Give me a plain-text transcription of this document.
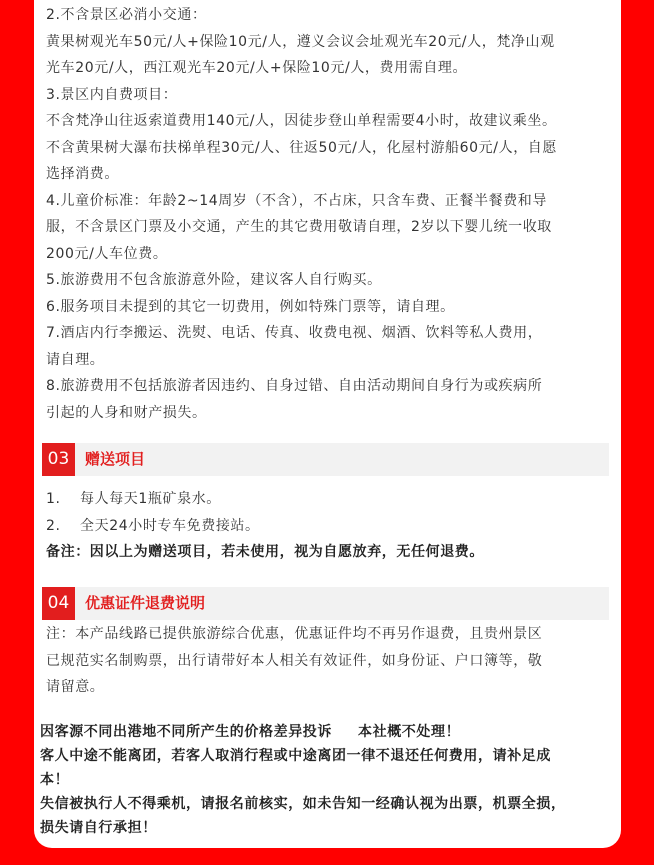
2.不含景区必消小交通：

黄果树观光车50元/人+保险10元/人，遵义会议会址观光车20元/人，梵净山观

光车20元/人，西江观光车20元/人+保险10元/人，费用需自理。

3.景区内自费项目：

不含梵净山往返索道费用140元/人，因徒步登山单程需要4小时，故建议乘坐。

不含黄果树大瀑布扶梯单程30元/人、往返50元/人，化屋村游船60元/人，自愿

选择消费。

4.儿童价标准：年龄2~14周岁（不含），不占床，只含车费、正餐半餐费和导

服，不含景区门票及小交通，产生的其它费用敬请自理，2岁以下婴儿统一收取

200元/人车位费。

5.旅游费用不包含旅游意外险，建议客人自行购买。

6.服务项目未提到的其它一切费用，例如特殊门票等，请自理。

7.酒店内行李搬运、洗熨、电话、传真、收费电视、烟酒、饮料等私人费用，

请自理。

8.旅游费用不包括旅游者因违约、自身过错、自由活动期间自身行为或疾病所

引起的人身和财产损失。

03	赠送项目

1. 每人每天1瓶矿泉水。

2. 全天24小时专车免费接站。

备注：因以上为赠送项目，若未使用，视为自愿放弃，无任何退费。

04	优惠证件退费说明

注：本产品线路已提供旅游综合优惠，优惠证件均不再另作退费，且贵州景区

已规范实名制购票，出行请带好本人相关有效证件，如身份证、户口簿等，敬

请留意。

因客源不同出港地不同所产生的价格差异投诉 本社概不处理！

客人中途不能离团，若客人取消行程或中途离团一律不退还任何费用，请补足成

本！

失信被执行人不得乘机，请报名前核实，如未告知一经确认视为出票，机票全损，

损失请自行承担！
